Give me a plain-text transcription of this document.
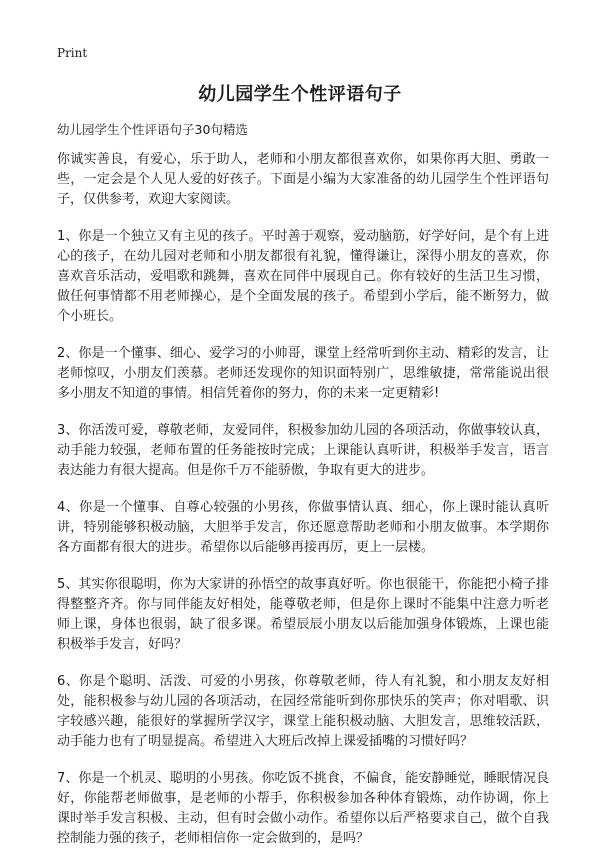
Print
幼儿园学生个性评语句子
幼儿园学生个性评语句子30句精选

你诚实善良，有爱心，乐于助人，老师和小朋友都很喜欢你，如果你再大胆、勇敢一些，一定会是个人见人爱的好孩子。下面是小编为大家准备的幼儿园学生个性评语句子，仅供参考，欢迎大家阅读。

1、你是一个独立又有主见的孩子。平时善于观察，爱动脑筋，好学好问，是个有上进心的孩子，在幼儿园对老师和小朋友都很有礼貌，懂得谦让，深得小朋友的喜欢，你喜欢音乐活动，爱唱歌和跳舞，喜欢在同伴中展现自己。你有较好的生活卫生习惯，做任何事情都不用老师操心，是个全面发展的孩子。希望到小学后，能不断努力，做个小班长。

2、你是一个懂事、细心、爱学习的小帅哥，课堂上经常听到你主动、精彩的发言，让老师惊叹，小朋友们羡慕。老师还发现你的知识面特别广，思维敏捷，常常能说出很多小朋友不知道的事情。相信凭着你的努力，你的未来一定更精彩!

3、你活泼可爱，尊敬老师，友爱同伴，积极参加幼儿园的各项活动，你做事较认真，动手能力较强，老师布置的任务能按时完成；上课能认真听讲，积极举手发言，语言表达能力有很大提高。但是你千万不能骄傲，争取有更大的进步。

4、你是一个懂事、自尊心较强的小男孩，你做事情认真、细心，你上课时能认真听讲，特别能够积极动脑，大胆举手发言，你还愿意帮助老师和小朋友做事。本学期你各方面都有很大的进步。希望你以后能够再接再厉，更上一层楼。

5、其实你很聪明，你为大家讲的孙悟空的故事真好听。你也很能干，你能把小椅子排得整整齐齐。你与同伴能友好相处，能尊敬老师，但是你上课时不能集中注意力听老师上课，身体也很弱，缺了很多课。希望辰辰小朋友以后能加强身体锻炼，上课也能积极举手发言，好吗？

6、你是个聪明、活泼、可爱的小男孩，你尊敬老师，待人有礼貌，和小朋友友好相处，能积极参与幼儿园的各项活动，在园经常能听到你那快乐的笑声；你对唱歌、识字较感兴趣，能很好的掌握所学汉字，课堂上能积极动脑、大胆发言，思维较活跃，动手能力也有了明显提高。希望进入大班后改掉上课爱插嘴的习惯好吗？

7、你是一个机灵、聪明的小男孩。你吃饭不挑食，不偏食，能安静睡觉，睡眠情况良好，你能帮老师做事，是老师的小帮手，你积极参加各种体育锻炼，动作协调，你上课时举手发言积极、主动，但有时会做小动作。希望你以后严格要求自己，做个自我控制能力强的孩子，老师相信你一定会做到的，是吗？
